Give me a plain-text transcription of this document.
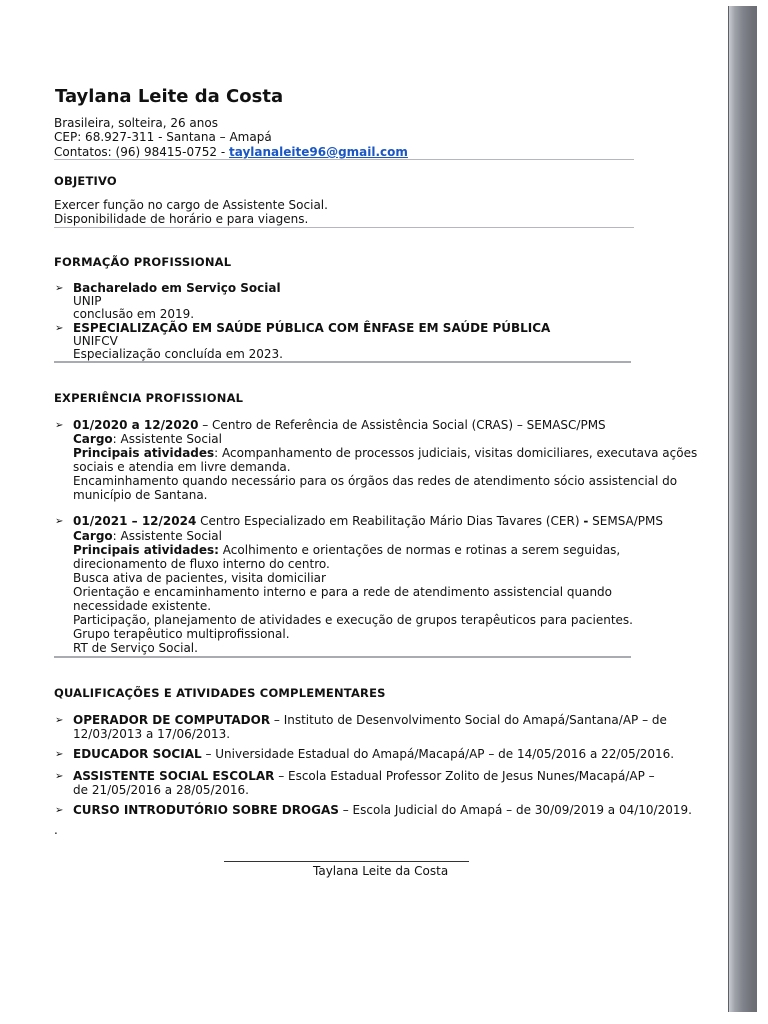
Taylana Leite da Costa
Brasileira, solteira, 26 anos
CEP: 68.927-311 - Santana – Amapá
Contatos: (96) 98415-0752 - taylanaleite96@gmail.com
OBJETIVO
Exercer função no cargo de Assistente Social.
Disponibilidade de horário e para viagens.
FORMAÇÃO PROFISSIONAL
➢ Bacharelado em Serviço Social
UNIP
conclusão em 2019.
➢ ESPECIALIZAÇÃO EM SAÚDE PÚBLICA COM ÊNFASE EM SAÚDE PÚBLICA
UNIFCV
Especialização concluída em 2023.
EXPERIÊNCIA PROFISSIONAL
➢ 01/2020 a 12/2020 – Centro de Referência de Assistência Social (CRAS) – SEMASC/PMS
Cargo: Assistente Social
Principais atividades: Acompanhamento de processos judiciais, visitas domiciliares, executava ações sociais e atendia em livre demanda.
Encaminhamento quando necessário para os órgãos das redes de atendimento sócio assistencial do município de Santana.
➢ 01/2021 – 12/2024 Centro Especializado em Reabilitação Mário Dias Tavares (CER) - SEMSA/PMS
Cargo: Assistente Social
Principais atividades: Acolhimento e orientações de normas e rotinas a serem seguidas, direcionamento de fluxo interno do centro.
Busca ativa de pacientes, visita domiciliar
Orientação e encaminhamento interno e para a rede de atendimento assistencial quando necessidade existente.
Participação, planejamento de atividades e execução de grupos terapêuticos para pacientes.
Grupo terapêutico multiprofissional.
RT de Serviço Social.
QUALIFICAÇÕES E ATIVIDADES COMPLEMENTARES
➢ OPERADOR DE COMPUTADOR – Instituto de Desenvolvimento Social do Amapá/Santana/AP – de 12/03/2013 a 17/06/2013.
➢ EDUCADOR SOCIAL – Universidade Estadual do Amapá/Macapá/AP – de 14/05/2016 a 22/05/2016.
➢ ASSISTENTE SOCIAL ESCOLAR – Escola Estadual Professor Zolito de Jesus Nunes/Macapá/AP – de 21/05/2016 a 28/05/2016.
➢ CURSO INTRODUTÓRIO SOBRE DROGAS – Escola Judicial do Amapá – de 30/09/2019 a 04/10/2019.
.
Taylana Leite da Costa
